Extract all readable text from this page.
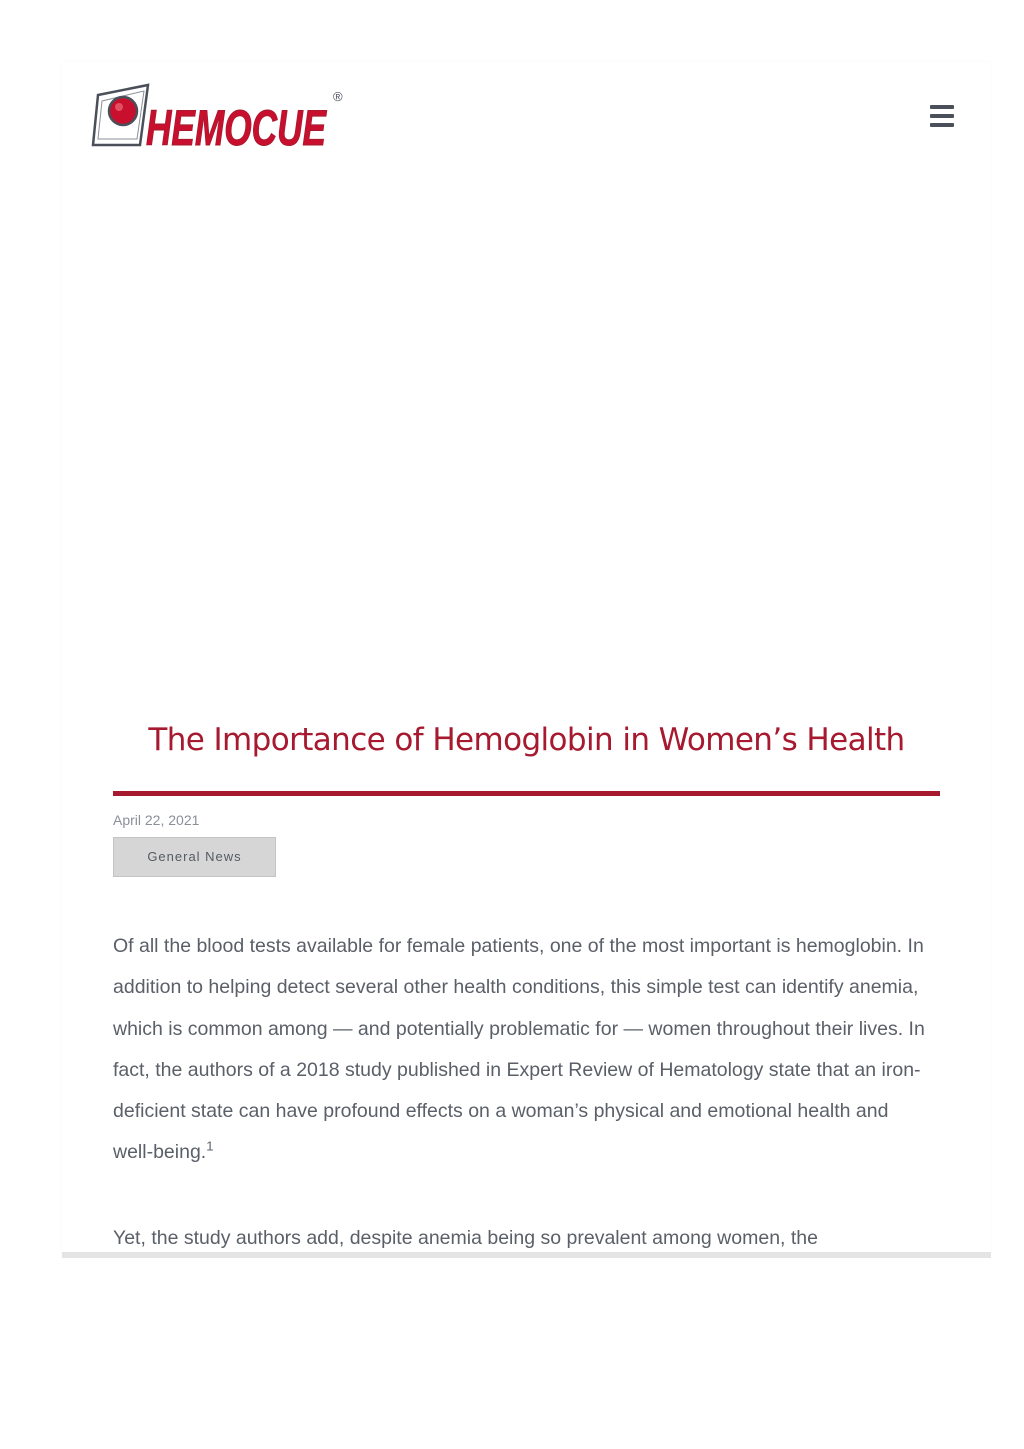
HEMOCUE
®
The Importance of Hemoglobin in Women’s Health
April 22, 2021
General News

Of all the blood tests available for female patients, one of the most important is hemoglobin. In addition to helping detect several other health conditions, this simple test can identify anemia, which is common among — and potentially problematic for — women throughout their lives. In fact, the authors of a 2018 study published in Expert Review of Hematology state that an iron-deficient state can have profound effects on a woman’s physical and emotional health and well-being.$^1$

Yet, the study authors add, despite anemia being so prevalent among women, the
